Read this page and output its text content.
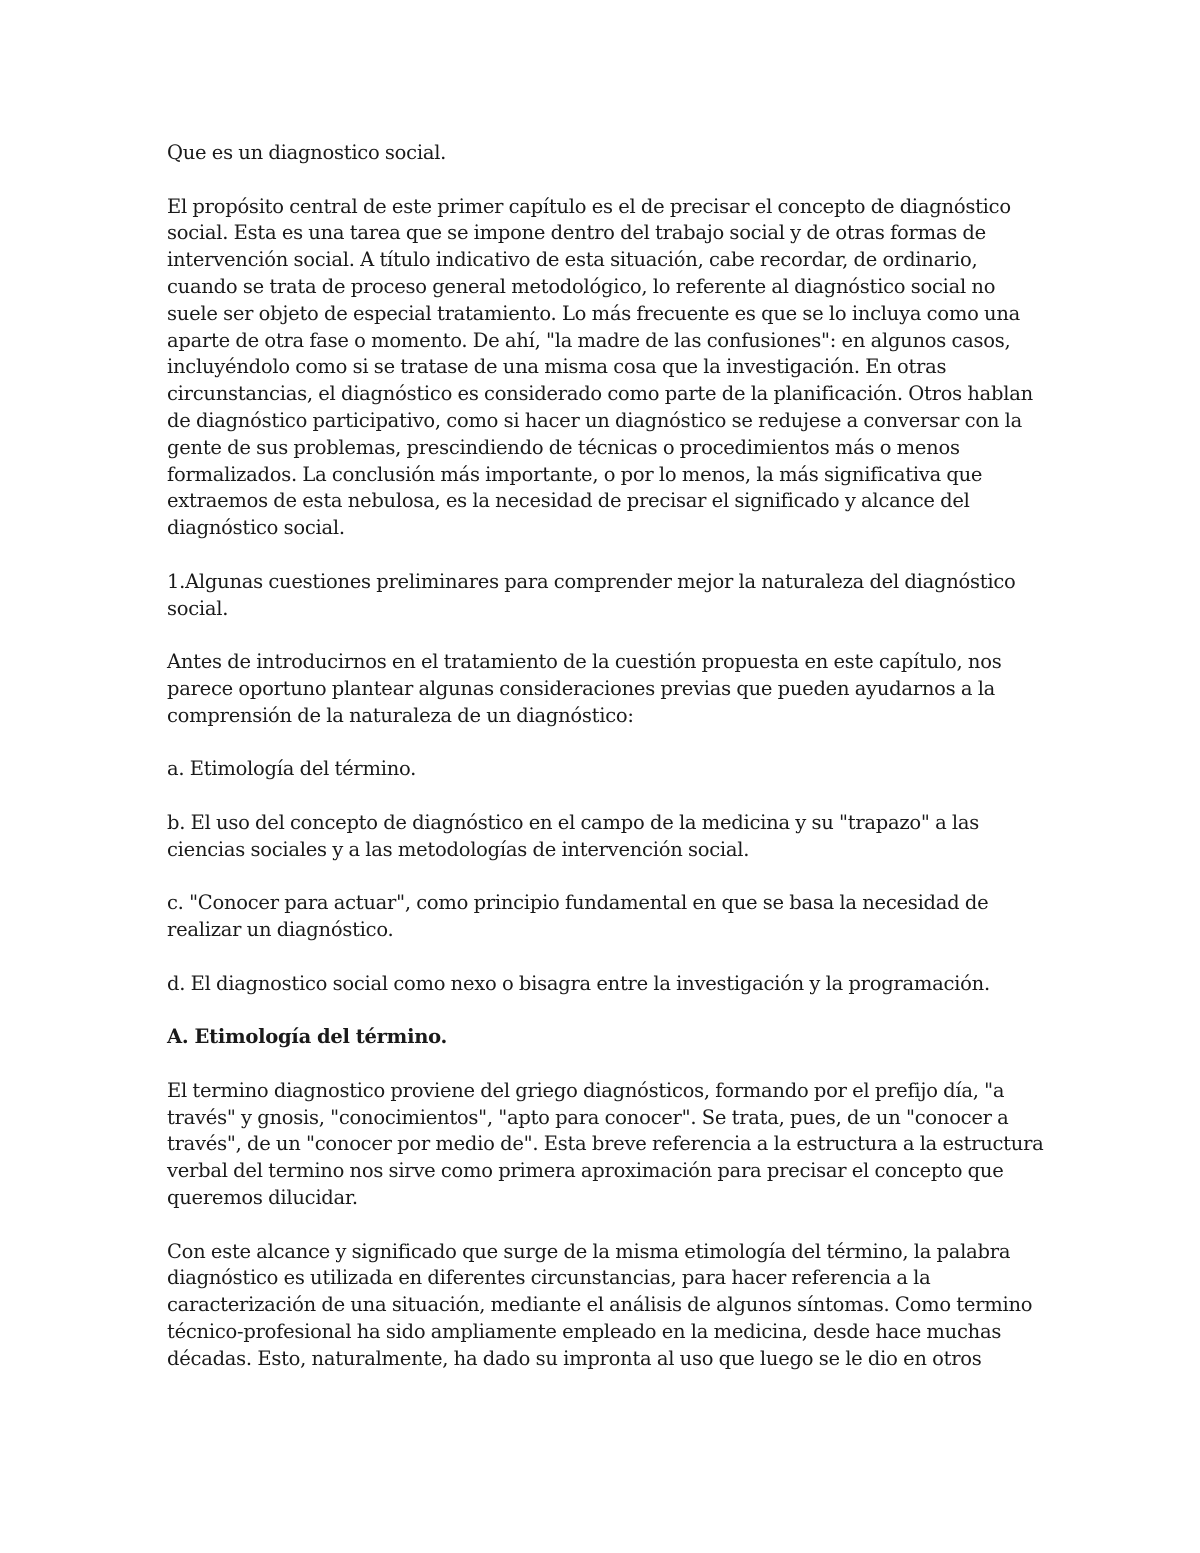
Que es un diagnostico social.

El propósito central de este primer capítulo es el de precisar el concepto de diagnóstico social. Esta es una tarea que se impone dentro del trabajo social y de otras formas de intervención social. A título indicativo de esta situación, cabe recordar, de ordinario, cuando se trata de proceso general metodológico, lo referente al diagnóstico social no suele ser objeto de especial tratamiento. Lo más frecuente es que se lo incluya como una aparte de otra fase o momento. De ahí, "la madre de las confusiones": en algunos casos, incluyéndolo como si se tratase de una misma cosa que la investigación. En otras circunstancias, el diagnóstico es considerado como parte de la planificación. Otros hablan de diagnóstico participativo, como si hacer un diagnóstico se redujese a conversar con la gente de sus problemas, prescindiendo de técnicas o procedimientos más o menos formalizados. La conclusión más importante, o por lo menos, la más significativa que extraemos de esta nebulosa, es la necesidad de precisar el significado y alcance del diagnóstico social.

1.Algunas cuestiones preliminares para comprender mejor la naturaleza del diagnóstico social.

Antes de introducirnos en el tratamiento de la cuestión propuesta en este capítulo, nos parece oportuno plantear algunas consideraciones previas que pueden ayudarnos a la comprensión de la naturaleza de un diagnóstico:

a. Etimología del término.

b. El uso del concepto de diagnóstico en el campo de la medicina y su "trapazo" a las ciencias sociales y a las metodologías de intervención social.

c. "Conocer para actuar", como principio fundamental en que se basa la necesidad de realizar un diagnóstico.

d. El diagnostico social como nexo o bisagra entre la investigación y la programación.

A. Etimología del término.

El termino diagnostico proviene del griego diagnósticos, formando por el prefijo día, "a través" y gnosis, "conocimientos", "apto para conocer". Se trata, pues, de un "conocer a través", de un "conocer por medio de". Esta breve referencia a la estructura a la estructura verbal del termino nos sirve como primera aproximación para precisar el concepto que queremos dilucidar.

Con este alcance y significado que surge de la misma etimología del término, la palabra diagnóstico es utilizada en diferentes circunstancias, para hacer referencia a la caracterización de una situación, mediante el análisis de algunos síntomas. Como termino técnico-profesional ha sido ampliamente empleado en la medicina, desde hace muchas décadas. Esto, naturalmente, ha dado su impronta al uso que luego se le dio en otros
